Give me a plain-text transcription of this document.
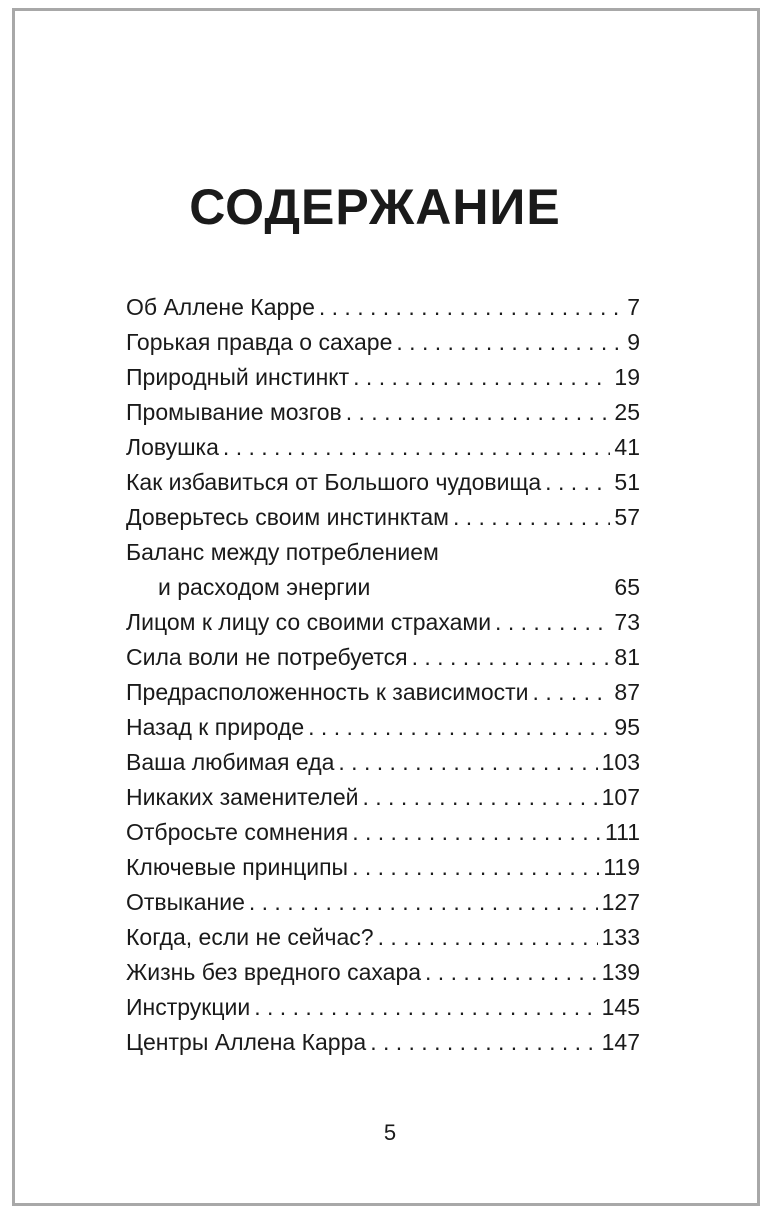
СОДЕРЖАНИЕ
Об Аллене Карре . . .	7
Горькая правда о сахаре . . .	9
Природный инстинкт . . .	19
Промывание мозгов . . .	25
Ловушка . . .	41
Как избавиться от Большого чудовища . . .	51
Доверьтесь своим инстинктам . . .	57
Баланс между потреблением
и расходом энергии	65
Лицом к лицу со своими страхами . . .	73
Сила воли не потребуется . . .	81
Предрасположенность к зависимости . . .	87
Назад к природе . . .	95
Ваша любимая еда . . .	103
Никаких заменителей . . .	107
Отбросьте сомнения . . .	111
Ключевые принципы . . .	119
Отвыкание . . .	127
Когда, если не сейчас? . . .	133
Жизнь без вредного сахара . . .	139
Инструкции . . .	145
Центры Аллена Карра . . .	147
5
